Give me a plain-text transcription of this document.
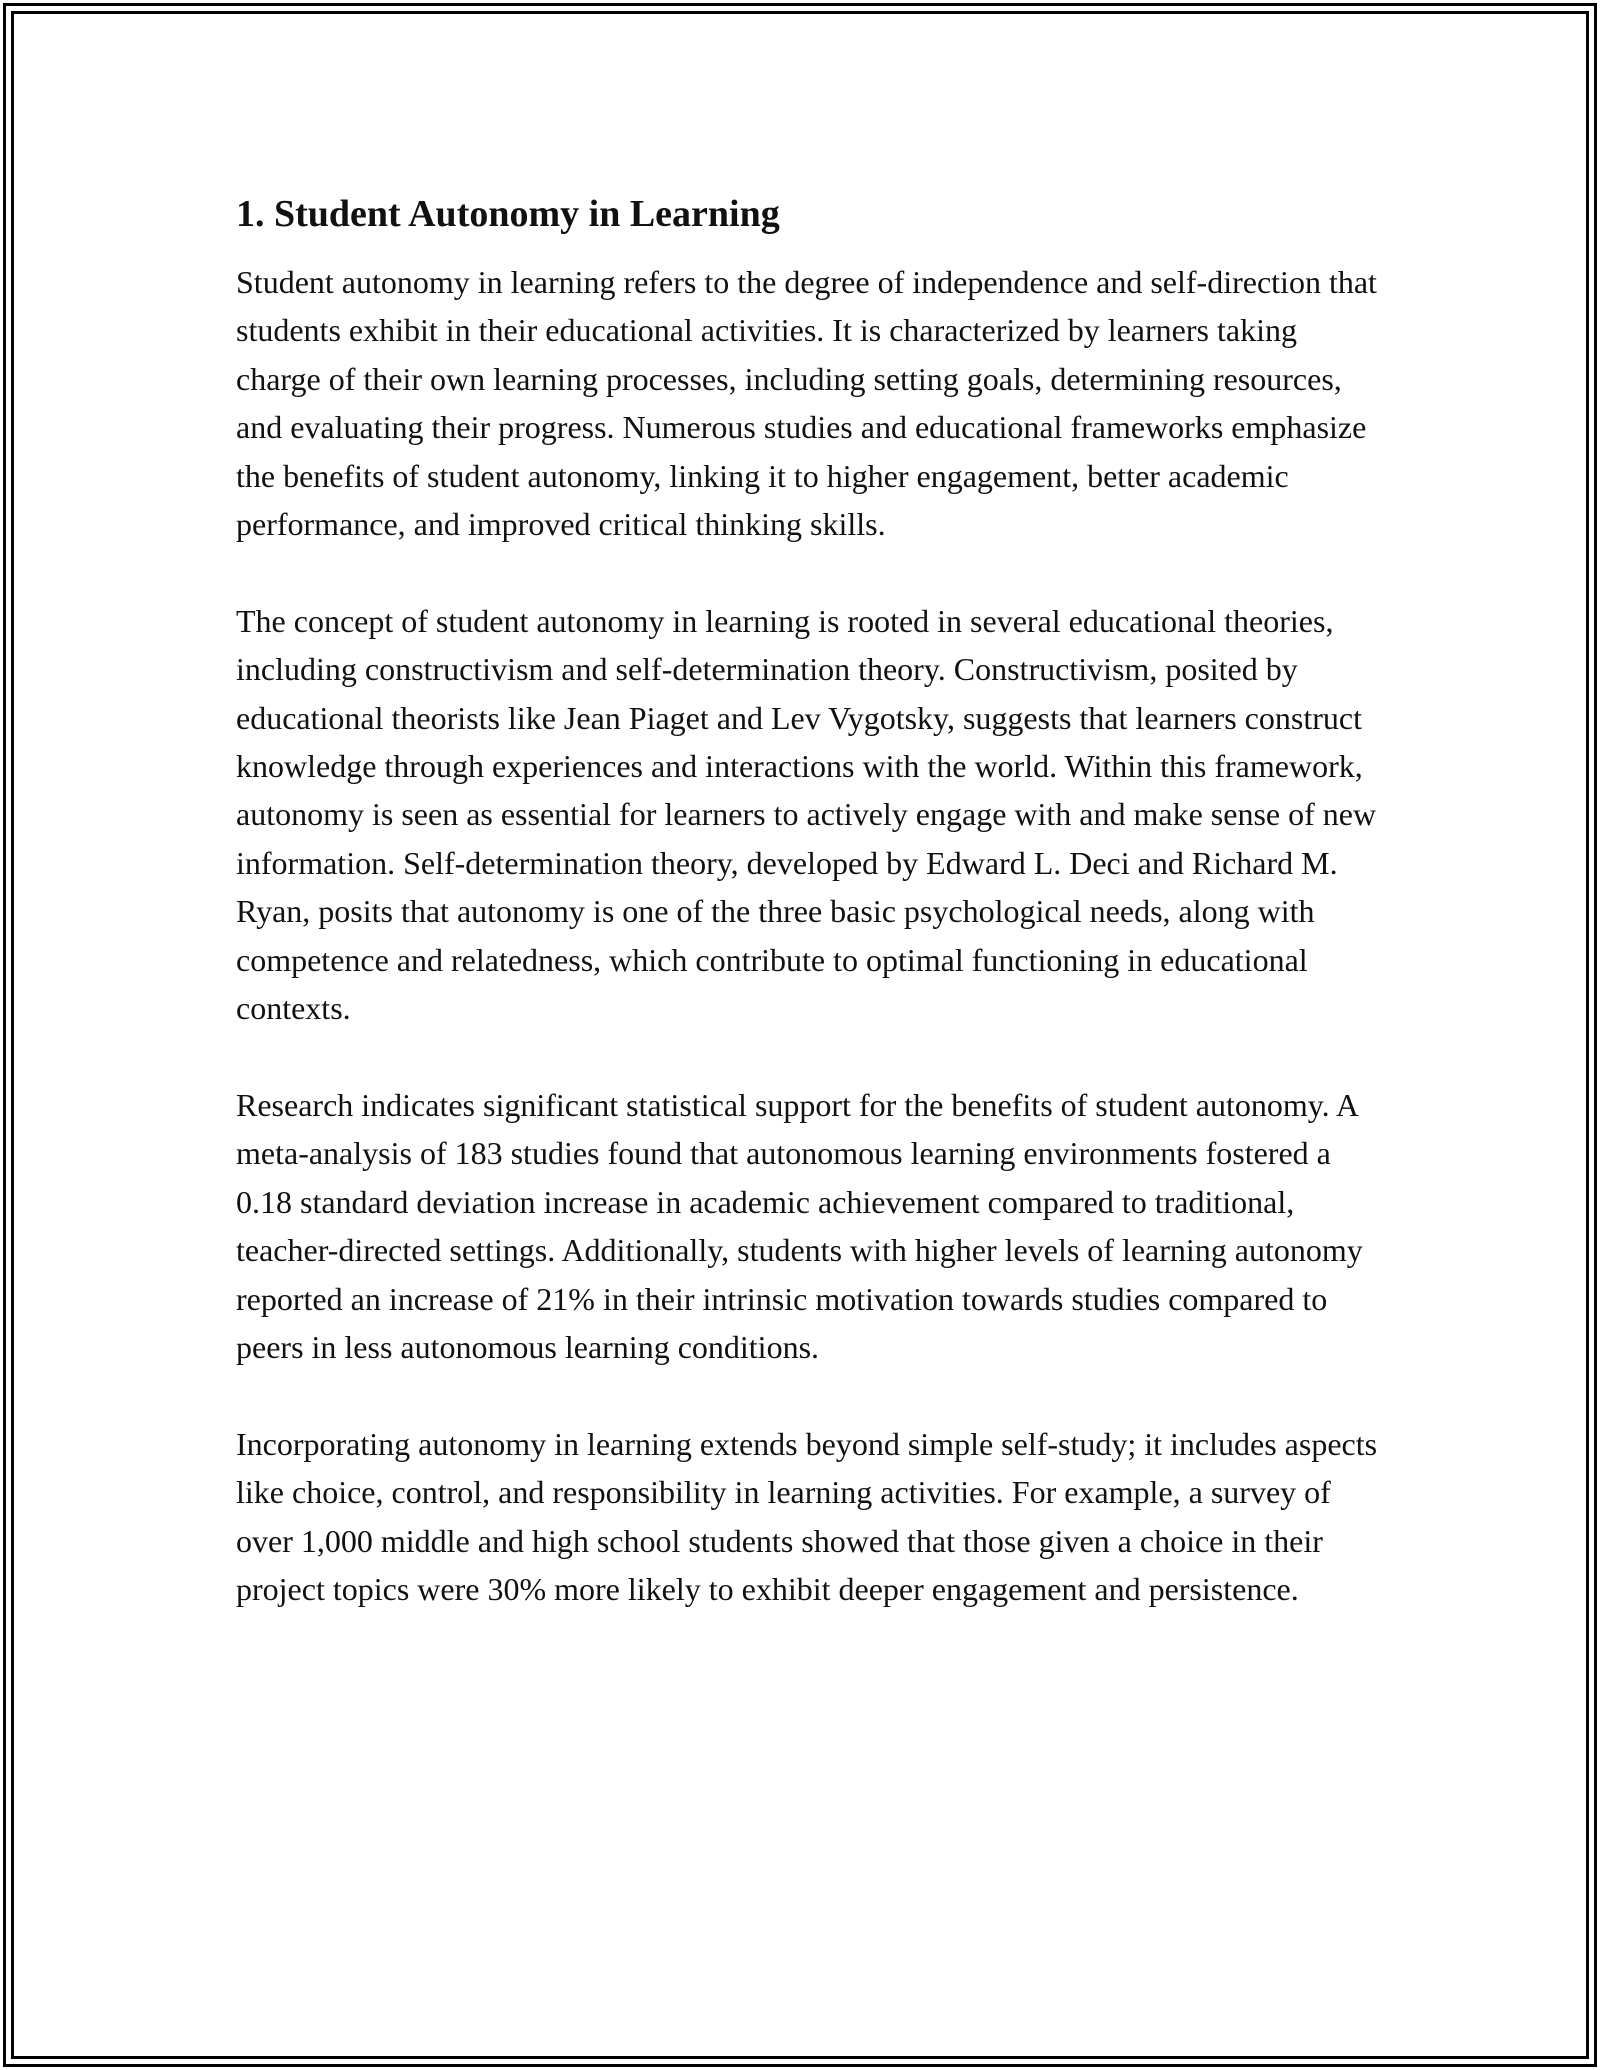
1. Student Autonomy in Learning

Student autonomy in learning refers to the degree of independence and self-direction that students exhibit in their educational activities. It is characterized by learners taking charge of their own learning processes, including setting goals, determining resources, and evaluating their progress. Numerous studies and educational frameworks emphasize the benefits of student autonomy, linking it to higher engagement, better academic performance, and improved critical thinking skills.

The concept of student autonomy in learning is rooted in several educational theories, including constructivism and self-determination theory. Constructivism, posited by educational theorists like Jean Piaget and Lev Vygotsky, suggests that learners construct knowledge through experiences and interactions with the world. Within this framework, autonomy is seen as essential for learners to actively engage with and make sense of new information. Self-determination theory, developed by Edward L. Deci and Richard M. Ryan, posits that autonomy is one of the three basic psychological needs, along with competence and relatedness, which contribute to optimal functioning in educational contexts.

Research indicates significant statistical support for the benefits of student autonomy. A meta-analysis of 183 studies found that autonomous learning environments fostered a 0.18 standard deviation increase in academic achievement compared to traditional, teacher-directed settings. Additionally, students with higher levels of learning autonomy reported an increase of 21% in their intrinsic motivation towards studies compared to peers in less autonomous learning conditions.

Incorporating autonomy in learning extends beyond simple self-study; it includes aspects like choice, control, and responsibility in learning activities. For example, a survey of over 1,000 middle and high school students showed that those given a choice in their project topics were 30% more likely to exhibit deeper engagement and persistence.
